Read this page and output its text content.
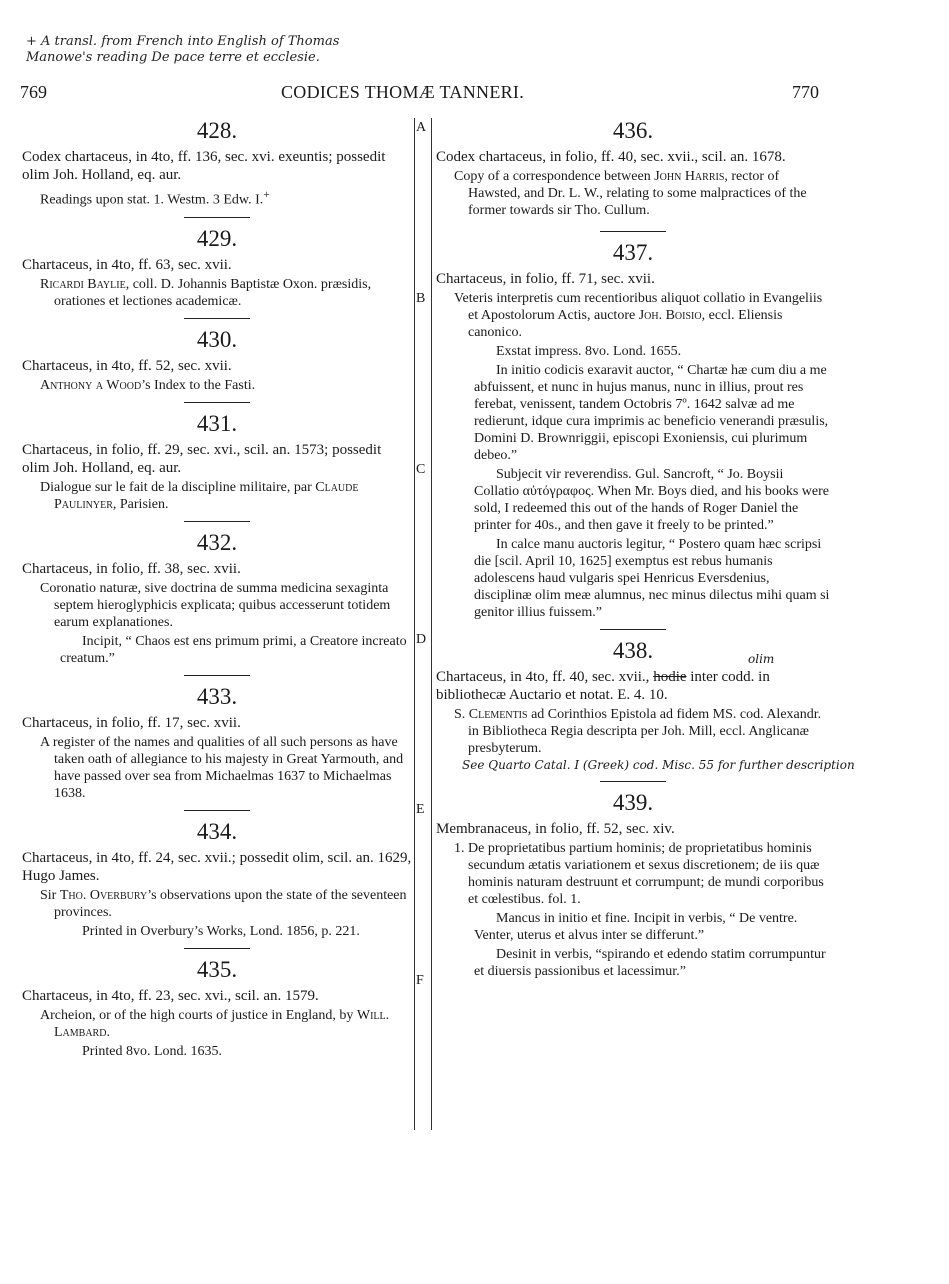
+ A transl. from French into English of Thomas
Manowe's reading De pace terre et ecclesie.
769	CODICES THOMÆ TANNERI.	770
A
B
C
D
E
F
428.

Codex chartaceus, in 4to, ff. 136, sec. xvi. exeuntis; possedit olim Joh. Holland, eq. aur.

Readings upon stat. 1. Westm. 3 Edw. I.+

429.

Chartaceus, in 4to, ff. 63, sec. xvii.

Ricardi Baylie, coll. D. Johannis Baptistæ Oxon. præsidis, orationes et lectiones academicæ.

430.

Chartaceus, in 4to, ff. 52, sec. xvii.

Anthony a Wood’s Index to the Fasti.

431.

Chartaceus, in folio, ff. 29, sec. xvi., scil. an. 1573; possedit olim Joh. Holland, eq. aur.

Dialogue sur le fait de la discipline militaire, par Claude Paulinyer, Parisien.

432.

Chartaceus, in folio, ff. 38, sec. xvii.

Coronatio naturæ, sive doctrina de summa medicina sexaginta septem hieroglyphicis explicata; quibus accesserunt totidem earum explanationes.

Incipit, “ Chaos est ens primum primi, a Creatore increato creatum.”

433.

Chartaceus, in folio, ff. 17, sec. xvii.

A register of the names and qualities of all such persons as have taken oath of allegiance to his majesty in Great Yarmouth, and have passed over sea from Michaelmas 1637 to Michaelmas 1638.

434.

Chartaceus, in 4to, ff. 24, sec. xvii.; possedit olim, scil. an. 1629, Hugo James.

Sir Tho. Overbury’s observations upon the state of the seventeen provinces.

Printed in Overbury’s Works, Lond. 1856, p. 221.

435.

Chartaceus, in 4to, ff. 23, sec. xvi., scil. an. 1579.

Archeion, or of the high courts of justice in England, by Will. Lambard.

Printed 8vo. Lond. 1635.

436.

Codex chartaceus, in folio, ff. 40, sec. xvii., scil. an. 1678.

Copy of a correspondence between John Harris, rector of Hawsted, and Dr. L. W., relating to some malpractices of the former towards sir Tho. Cullum.

437.

Chartaceus, in folio, ff. 71, sec. xvii.

Veteris interpretis cum recentioribus aliquot collatio in Evangeliis et Apostolorum Actis, auctore Joh. Boisio, eccl. Eliensis canonico.

Exstat impress. 8vo. Lond. 1655.

In initio codicis exaravit auctor, “ Chartæ hæ cum diu a me abfuissent, et nunc in hujus manus, nunc in illius, prout res ferebat, venissent, tandem Octobris 7º. 1642 salvæ ad me redierunt, idque cura imprimis ac beneficio venerandi præsulis, Domini D. Brownriggii, episcopi Exoniensis, cui plurimum debeo.”

Subjecit vir reverendiss. Gul. Sancroft, “ Jo. Boysii Collatio αὐτόγραφος. When Mr. Boys died, and his books were sold, I redeemed this out of the hands of Roger Daniel the printer for 40s., and then gave it freely to be printed.”

In calce manu auctoris legitur, “ Postero quam hæc scripsi die [scil. April 10, 1625] exemptus est rebus humanis adolescens haud vulgaris spei Henricus Eversdenius, disciplinæ olim meæ alumnus, nec minus dilectus mihi quam si genitor illius fuissem.”

438.	olim

Chartaceus, in 4to, ff. 40, sec. xvii., hodie inter codd. in bibliothecæ Auctario et notat. E. 4. 10.

S. Clementis ad Corinthios Epistola ad fidem MS. cod. Alexandr. in Bibliotheca Regia descripta per Joh. Mill, eccl. Anglicanæ presbyterum.

See Quarto Catal. I (Greek) cod. Misc. 55 for further description

439.

Membranaceus, in folio, ff. 52, sec. xiv.

1. De proprietatibus partium hominis; de proprietatibus hominis secundum ætatis variationem et sexus discretionem; de iis quæ hominis naturam destruunt et corrumpunt; de mundi corporibus et cœlestibus. fol. 1.

Mancus in initio et fine. Incipit in verbis, “ De ventre. Venter, uterus et alvus inter se differunt.”

Desinit in verbis, “spirando et edendo statim corrumpuntur et diuersis passionibus et lacessimur.”
